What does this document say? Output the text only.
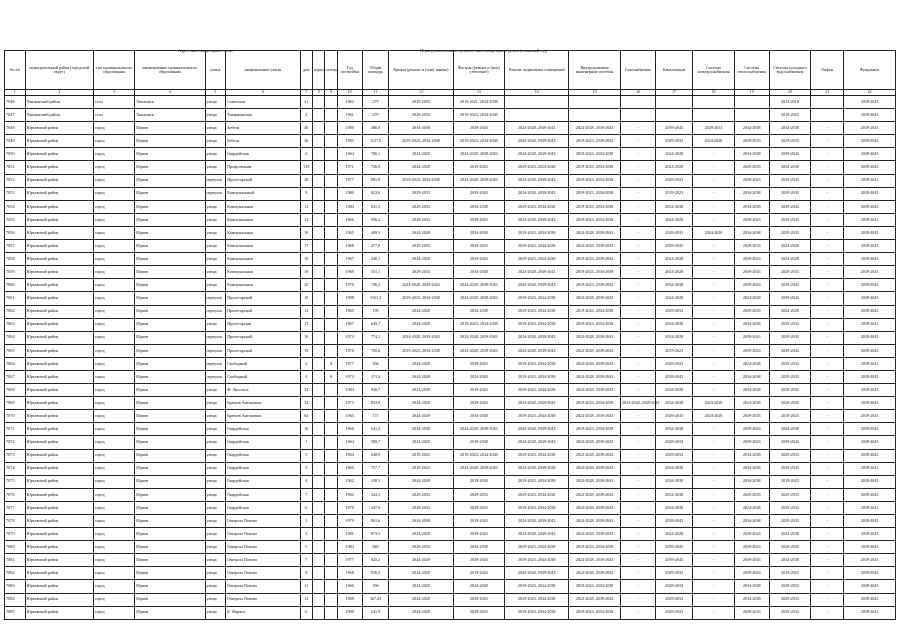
Адрес многоквартирного дома	Период капитального ремонта многоквартирных домов (плановый год)
№ п/п	муниципальный район (городской округ)	тип муниципального образования	наименование муниципального образования	улица	наименование улицы	дом	корпус	литера	Год постройки	Общая площадь	Кровля (ремонт и (или) замена)	Фасады (ремонт и (или) утепление)	Ремонт подвальных помещений	Внутридомовые инженерные системы	Газоснабжение	Канализация	Система электроснабжения	Система теплоснабжения	Система холодного водоснабжения	Лифты	Фундамент
1	2	3	4	5	6	7	8	9	10	11	12	13	14	15	16	17	18	19	20	21	22
7046	Хвалынский район	село	Хвалынск	улица	Советская	21			1962	279	2029-2033	2019-2021, 2034-2038							2014-2018		2039-2043
7047	Хвалынский район	село	Хвалынск	улица	Товарищеская	2			1961	279	2029-2033	2019-2023, 2034-2038							2019-2023		2039-2043
7048	Юрьевский район	город	Юрьев	улица	Бебеля	40			1980	486,0	2034-2038	2039-2043	2024-2028, 2039-2043	2024-2028, 2039-2043	-	2039-2043	2029-2033	2034-2038	2034-2038	-	2039-2043
7049	Юрьевский район	город	Юрьев	улица	Бебеля	26			1983	1127,9	2019-2023, 2034-2038	2019-2023, 2034-2038	2024-2028, 2039-2043	2019-2023, 2039-2043	-	2029-2033	2024-2028	2029-2033	2029-2033	-	2039-2043
7050	Юрьевский район	город	Юрьев	улица	Гвардейская	2			1964	786,1	2024-2028	2024-2028, 2039-2043	2024-2028, 2039-2043	2019-2023, 2034-2038	-	2024-2028	-	2034-2038	2039-2043	-	2039-2043
7051	Юрьевский район	город	Юрьев	улица	Профсоюзная	119			1971	726,9	2024-2028	2019-2043	2019-2023, 2024-2028	2019-2023, 2034-2038	-	2024-2028	-	2029-2033	2034-2038	-	2039-2043
7052	Юрьевский район	город	Юрьев	переулок	Пролетарский	20			1977	881,8	2019-2023, 2034-2038	2024-2028, 2039-2043	2024-2028, 2039-2043	2019-2023, 2034-2038	-	2029-2033	-	2039-2043	2039-2043	-	2039-2043
7053	Юрьевский район	город	Юрьев	переулок	Коммунальный	9			1980	823,6	2029-2033	2039-2043	2024-2028, 2039-2043	2019-2023, 2034-2038	-	2019-2023	-	2034-2038	2029-2033	-	2039-2043
7054	Юрьевский район	город	Юрьев	улица	Коммунальная	11			1984	641,5	2029-2033	2034-2038	2019-2023, 2034-2038	2019-2023, 2034-2038	-	2034-2038	-	2034-2038	2039-2043	-	2039-2043
7055	Юрьевский район	город	Юрьев	улица	Коммунальная	14			1966	956,2	2029-2033	2039-2043	2024-2028, 2039-2043	2019-2023, 2034-2038	-	2024-2028	-	2039-2043	2039-2043	-	2039-2043
7056	Юрьевский район	город	Юрьев	улица	Коммунальная	16			1965	409,3	2024-2028	2034-2038	2019-2023, 2034-2038	2024-2028, 2039-2043	-	2029-2033	2024-2028	2034-2038	2029-2033	-	2039-2043
7057	Юрьевский район	город	Юрьев	улица	Коммунальная	17			1968	477,8	2029-2033	2029-2033	2019-2023, 2034-2038	2024-2028, 2039-2043	-	2039-2043	-	2029-2033	2024-2028	-	2039-2043
7058	Юрьевский район	город	Юрьев	улица	Коммунальная	18			1967	340,1	2024-2028	2039-2043	2019-2023, 2024-2028	2019-2023, 2039-2043	-	2024-2028	-	2039-2043	2024-2028	-	2039-2043
7059	Юрьевский район	город	Юрьев	улица	Коммунальная	19			1969	331,1	2029-2033	2034-2038	2024-2028, 2039-2043	2019-2023, 2034-2038	-	2024-2028	-	2039-2043	2029-2033	-	2039-2043
7060	Юрьевский район	город	Юрьев	улица	Коммунальная	20			1970	706,2	2024-2028, 2039-2043	2024-2028, 2039-2043	2024-2028, 2039-2043	2019-2023, 2039-2043	-	2034-2038	-	2039-2043	2039-2043	-	2039-2043
7061	Юрьевский район	город	Юрьев	переулок	Пролетарский	18			1988	1161,3	2019-2023, 2034-2038	2024-2028, 2039-2043	2019-2023, 2034-2038	2024-2028, 2039-2043	-	2024-2028	-	2024-2028	2039-2043	-	2039-2043
7062	Юрьевский район	город	Юрьев	переулок	Пролетарский	13			1965	195	2024-2028	2034-2038	2019-2023, 2034-2038	2019-2023, 2034-2038	-	2029-2033	-	2029-2033	2024-2028	-	2039-2043
7063	Юрьевский район	город	Юрьев	улица	Пролетарская	17			1967	649,7	2024-2028	2019-2023, 2034-2038	2019-2023, 2034-2038	2019-2023, 2034-2038	-	2034-2038	-	2034-2038	2029-2033	-	2039-2043
7064	Юрьевский район	город	Юрьев	переулок	Пролетарский	16			1974	774,1	2024-2028, 2039-2043	2024-2028, 2039-2043	2024-2028, 2039-2043	2024-2028, 2039-2043	-	2024-2028	-	2039-2043	2029-2033	-	2039-2043
7065	Юрьевский район	город	Юрьев	переулок	Пролетарский	19			1976	785,6	2019-2023, 2034-2038	2024-2028, 2039-2043	2024-2028, 2039-2043	2024-2028, 2039-2043	-	2019-2023	-	2039-2043	2039-2043	-	2039-2043
7066	Юрьевский район	город	Юрьев	переулок	Свободный	2		А	1977	394	2024-2028	2039-2043	2019-2023, 2034-2038	2024-2028, 2039-2043	-	2029-2033	-	2024-2028	2029-2033	-	2039-2043
7067	Юрьевский район	город	Юрьев	переулок	Свободный	4		А	1974	371,3	2024-2028	2024-2028	2019-2023, 2034-2038	2024-2028, 2039-2043	-	2039-2043	-	2034-2038	2029-2033	-	2039-2043
7068	Юрьевский район	город	Юрьев	улица	Ф. Энгельса	32			1984	836,7	2034-2038	2019-2043	2019-2023, 2034-2038	2024-2028, 2039-2043	-	2034-2038	-	2034-2038	2029-2033	-	2039-2043
7069	Юрьевский район	город	Юрьев	улица	Братьев Антоновых	32			1973	833,9	2024-2028	2029-2043	2024-2028, 2039-2043	2019-2023, 2034-2038	2024-2028, 2039-2043	2034-2038	2024-2028	2024-2028	2029-2033	-	2039-2043
7070	Юрьевский район	город	Юрьев	улица	Братьев Антоновых	64			1963	171	2024-2028	2034-2038	2019-2023, 2034-2038	2024-2028, 2039-2043	-	2029-2033	2024-2028	2029-2033	2019-2023	-	2039-2043
7071	Юрьевский район	город	Юрьев	улица	Гвардейская	10			1966	641,3	2034-2038	2024-2028, 2039-2043	2024-2028, 2039-2043	2019-2023, 2034-2038	-	2034-2038	-	2039-2043	2034-2038	-	2039-2043
7072	Юрьевский район	город	Юрьев	улица	Гвардейская	1			1964	580,7	2024-2028	2019-2038	2024-2028, 2039-2043	2024-2028, 2039-2043	-	2029-2033	-	2039-2043	2039-2043	-	2039-2043
7073	Юрьевский район	город	Юрьев	улица	Гвардейская	5			1964	648,9	2019-2023	2019-2023, 2034-2038	2019-2023, 2034-2038	2024-2028, 2039-2043	-	2029-2033	-	2034-2038	2029-2033	-	2039-2043
7074	Юрьевский район	город	Юрьев	улица	Гвардейская	3			1965	757,7	2019-2023	2024-2028, 2039-2043	2024-2028, 2039-2038	2024-2028, 2039-2043	-	2034-2038	-	2034-2038	2039-2043	-	2039-2043
7075	Юрьевский район	город	Юрьев	улица	Гвардейская	4			1962	338,5	2024-2028	2019-2038	2019-2023, 2034-2038	2024-2028, 2039-2043	-	2034-2038	-	2034-2038	2019-2023	-	2039-2043
7076	Юрьевский район	город	Юрьев	улица	Гвардейская	7			1962	344,3	2029-2033	2029-2033	2019-2023, 2034-2038	2024-2028, 2039-2043	-	2034-2038	-	2029-2033	2029-2033	-	2039-2043
7077	Юрьевский район	город	Юрьев	улица	Гвардейская	6			1970	347,9	2029-2033	2029-2033	2019-2023, 2034-2038	2024-2028, 2039-2043	-	2034-2038	-	2024-2028	2029-2033	-	2039-2043
7078	Юрьевский район	город	Юрьев	улица	Генерала Попова	1			1979	861,6	2034-2038	2019-2043	2024-2028, 2039-2043	2024-2028, 2039-2043	-	2039-2043	-	2034-2038	2029-2033	-	2039-2043
7079	Юрьевский район	город	Юрьев	улица	Генерала Попова	3			1981	873,5	2024-2028	2039-2043	2024-2028, 2039-2043	2024-2028, 2039-2043	-	2024-2028	-	2039-2043	2034-2038	-	2039-2043
7080	Юрьевский район	город	Юрьев	улица	Генерала Попова	5			1984	849	2029-2033	2034-2038	2019-2023, 2034-2038	2019-2023, 2034-2038	-	2039-2043	-	2039-2043	2029-2033	-	2039-2043
7081	Юрьевский район	город	Юрьев	улица	Генерала Попова	7			1977	825,2	2024-2028	2039-2043	2019-2023, 2034-2038	2024-2028, 2039-2043	-	2039-2043	-	2039-2043	2034-2038	-	2039-2043
7082	Юрьевский район	город	Юрьев	улица	Генерала Попова	9			1968	816,5	2024-2028	2019-2043	2024-2028, 2039-2043	2024-2028, 2039-2043	-	2029-2033	-	2039-2043	2019-2023	-	2039-2043
7083	Юрьевский район	город	Юрьев	улица	Генерала Попова	11			1966	356	2024-2028	2024-2028	2019-2023, 2034-2038	2019-2023, 2034-2038	-	2029-2033	-	2034-2038	2029-2033	-	2039-2043
7084	Юрьевский район	город	Юрьев	улица	Генерала Попова	13			1969	367,43	2024-2028	2039-2043	2019-2023, 2034-2038	2024-2028, 2039-2043	-	2029-2033	-	2034-2038	2029-2033	-	2039-2043
7085	Юрьевский район	город	Юрьев	улица	К. Маркса	6			1999	241,9	2024-2028	2029-2033	2019-2023, 2034-2038	2019-2023, 2034-2038	-	2029-2033	-	2029-2033	2029-2033	-	2039-2043
